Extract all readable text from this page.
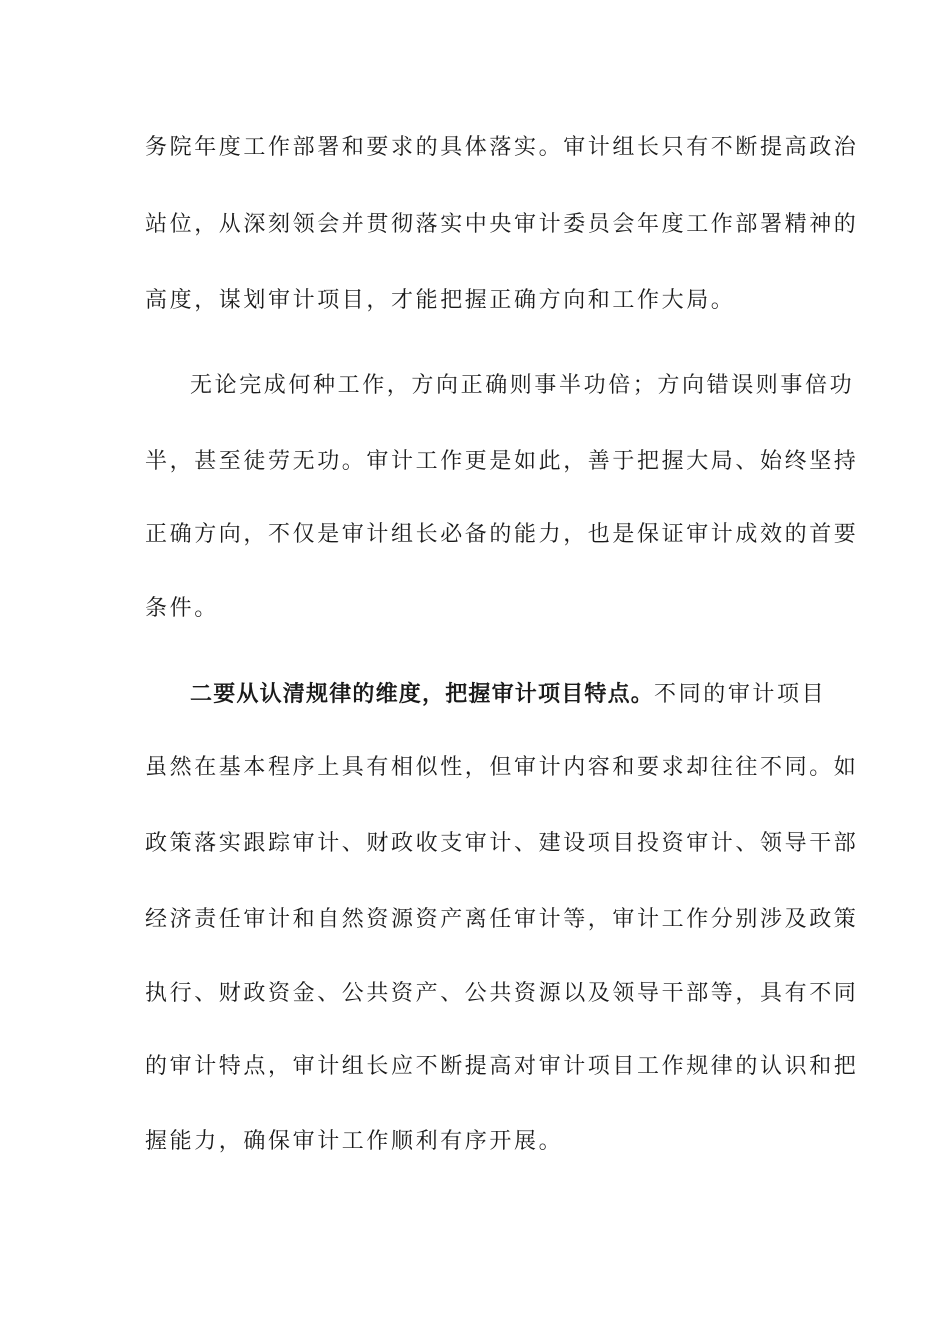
务院年度工作部署和要求的具体落实。审计组长只有不断提高政治
站位，从深刻领会并贯彻落实中央审计委员会年度工作部署精神的
高度，谋划审计项目，才能把握正确方向和工作大局。
无论完成何种工作，方向正确则事半功倍；方向错误则事倍功
半，甚至徒劳无功。审计工作更是如此，善于把握大局、始终坚持
正确方向，不仅是审计组长必备的能力，也是保证审计成效的首要
条件。
二要从认清规律的维度，把握审计项目特点。不同的审计项目
虽然在基本程序上具有相似性，但审计内容和要求却往往不同。如
政策落实跟踪审计、财政收支审计、建设项目投资审计、领导干部
经济责任审计和自然资源资产离任审计等，审计工作分别涉及政策
执行、财政资金、公共资产、公共资源以及领导干部等，具有不同
的审计特点，审计组长应不断提高对审计项目工作规律的认识和把
握能力，确保审计工作顺利有序开展。
